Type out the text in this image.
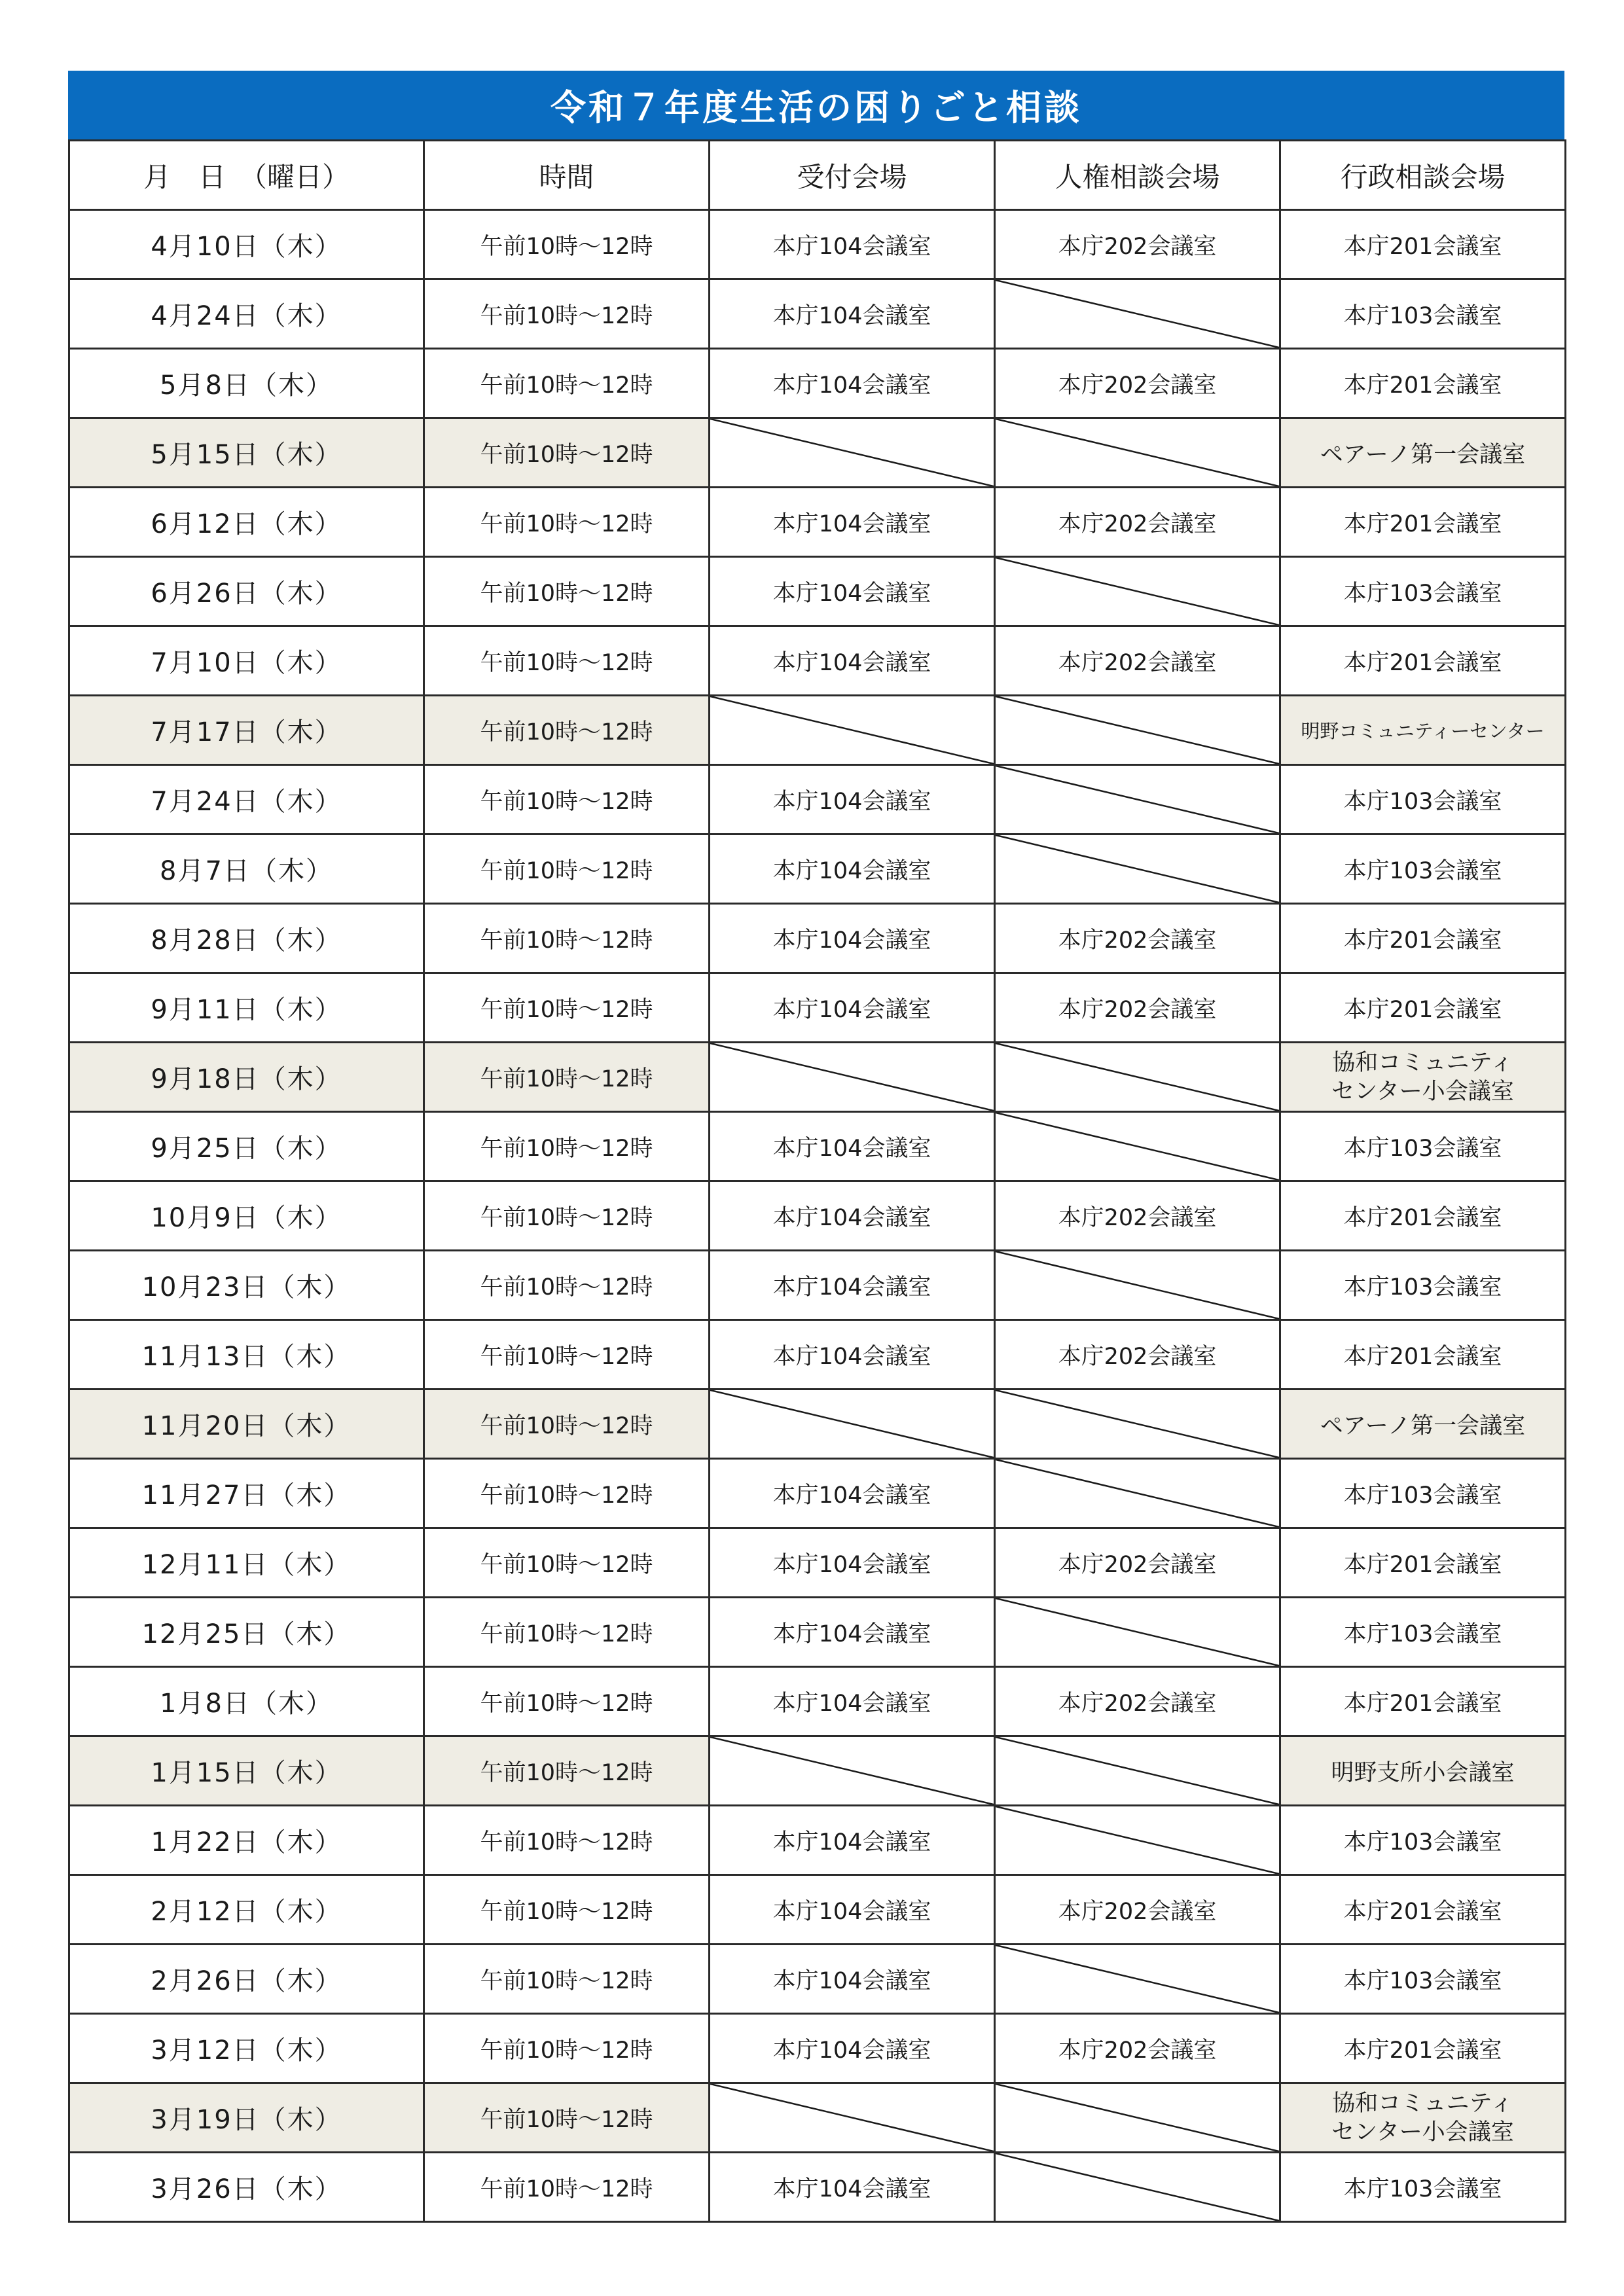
令和７年度生活の困りごと相談
月　日　（曜日）	時間	受付会場	人権相談会場	行政相談会場
4月10日（木）	午前10時～12時	本庁104会議室	本庁202会議室	本庁201会議室
4月24日（木）	午前10時～12時	本庁104会議室		本庁103会議室
5月8日（木）	午前10時～12時	本庁104会議室	本庁202会議室	本庁201会議室
5月15日（木）	午前10時～12時			ペアーノ第一会議室
6月12日（木）	午前10時～12時	本庁104会議室	本庁202会議室	本庁201会議室
6月26日（木）	午前10時～12時	本庁104会議室		本庁103会議室
7月10日（木）	午前10時～12時	本庁104会議室	本庁202会議室	本庁201会議室
7月17日（木）	午前10時～12時			明野コミュニティーセンター
7月24日（木）	午前10時～12時	本庁104会議室		本庁103会議室
8月7日（木）	午前10時～12時	本庁104会議室		本庁103会議室
8月28日（木）	午前10時～12時	本庁104会議室	本庁202会議室	本庁201会議室
9月11日（木）	午前10時～12時	本庁104会議室	本庁202会議室	本庁201会議室
9月18日（木）	午前10時～12時			協和コミュニティ
センター小会議室

9月25日（木）	午前10時～12時	本庁104会議室		本庁103会議室
10月9日（木）	午前10時～12時	本庁104会議室	本庁202会議室	本庁201会議室
10月23日（木）	午前10時～12時	本庁104会議室		本庁103会議室
11月13日（木）	午前10時～12時	本庁104会議室	本庁202会議室	本庁201会議室
11月20日（木）	午前10時～12時			ペアーノ第一会議室
11月27日（木）	午前10時～12時	本庁104会議室		本庁103会議室
12月11日（木）	午前10時～12時	本庁104会議室	本庁202会議室	本庁201会議室
12月25日（木）	午前10時～12時	本庁104会議室		本庁103会議室
1月8日（木）	午前10時～12時	本庁104会議室	本庁202会議室	本庁201会議室
1月15日（木）	午前10時～12時			明野支所小会議室
1月22日（木）	午前10時～12時	本庁104会議室		本庁103会議室
2月12日（木）	午前10時～12時	本庁104会議室	本庁202会議室	本庁201会議室
2月26日（木）	午前10時～12時	本庁104会議室		本庁103会議室
3月12日（木）	午前10時～12時	本庁104会議室	本庁202会議室	本庁201会議室
3月19日（木）	午前10時～12時			協和コミュニティ
センター小会議室

3月26日（木）	午前10時～12時	本庁104会議室		本庁103会議室
